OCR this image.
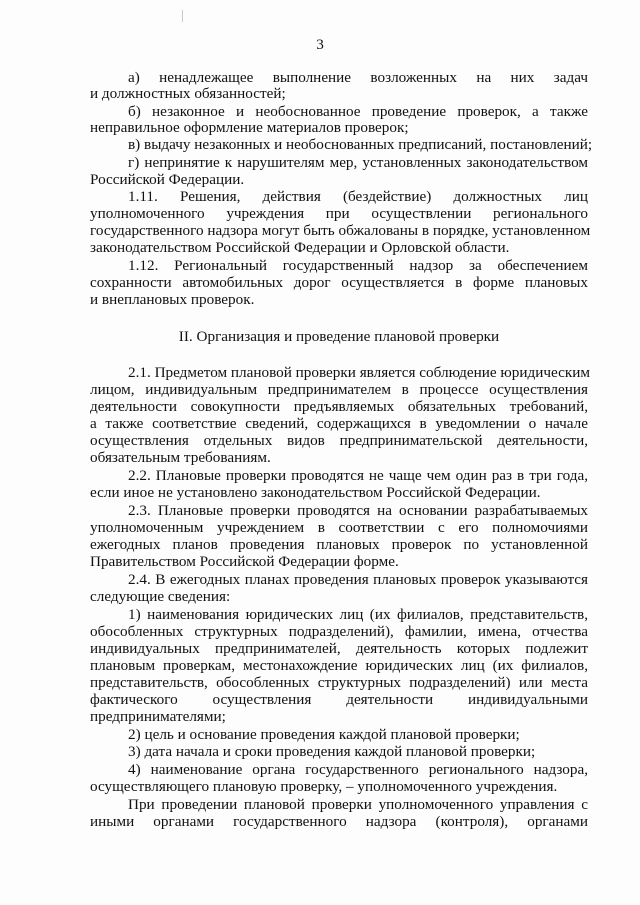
3
а) ненадлежащее выполнение возложенных на них задач
и должностных обязанностей;
б) незаконное и необоснованное проведение проверок, а также
неправильное оформление материалов проверок;
в) выдачу незаконных и необоснованных предписаний, постановлений;
г) непринятие к нарушителям мер, установленных законодательством
Российской Федерации.
1.11. Решения, действия (бездействие) должностных лиц
уполномоченного учреждения при осуществлении регионального
государственного надзора могут быть обжалованы в порядке, установленном
законодательством Российской Федерации и Орловской области.
1.12. Региональный государственный надзор за обеспечением
сохранности автомобильных дорог осуществляется в форме плановых
и внеплановых проверок.
II. Организация и проведение плановой проверки
2.1. Предметом плановой проверки является соблюдение юридическим
лицом, индивидуальным предпринимателем в процессе осуществления
деятельности совокупности предъявляемых обязательных требований,
а также соответствие сведений, содержащихся в уведомлении о начале
осуществления отдельных видов предпринимательской деятельности,
обязательным требованиям.
2.2. Плановые проверки проводятся не чаще чем один раз в три года,
если иное не установлено законодательством Российской Федерации.
2.3. Плановые проверки проводятся на основании разрабатываемых
уполномоченным учреждением в соответствии с его полномочиями
ежегодных планов проведения плановых проверок по установленной
Правительством Российской Федерации форме.
2.4. В ежегодных планах проведения плановых проверок указываются
следующие сведения:
1) наименования юридических лиц (их филиалов, представительств,
обособленных структурных подразделений), фамилии, имена, отчества
индивидуальных предпринимателей, деятельность которых подлежит
плановым проверкам, местонахождение юридических лиц (их филиалов,
представительств, обособленных структурных подразделений) или места
фактического осуществления деятельности индивидуальными
предпринимателями;
2) цель и основание проведения каждой плановой проверки;
3) дата начала и сроки проведения каждой плановой проверки;
4) наименование органа государственного регионального надзора,
осуществляющего плановую проверку, – уполномоченного учреждения.
При проведении плановой проверки уполномоченного управления с
иными органами государственного надзора (контроля), органами
